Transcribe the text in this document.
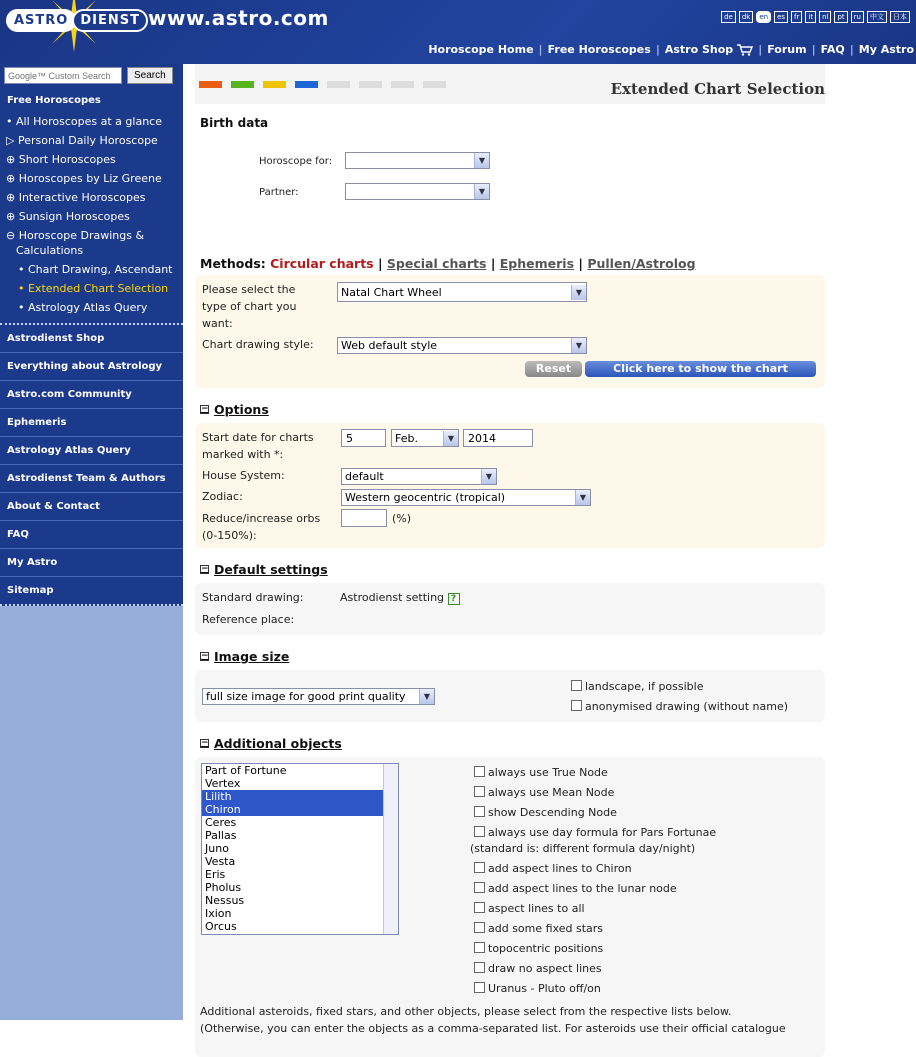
ASTRO DIENST www.astro.com	de	dk	en	es	fr	it	nl	pt	ru	中文	日本
Horoscope Home | Free Horoscopes | Astro Shop | Forum | FAQ | My Astro
Google™ Custom Search
Search
Free Horoscopes
• All Horoscopes at a glance
▷ Personal Daily Horoscope
⊕ Short Horoscopes
⊕ Horoscopes by Liz Greene
⊕ Interactive Horoscopes
⊕ Sunsign Horoscopes
⊖ Horoscope Drawings & Calculations
• Chart Drawing, Ascendant
• Extended Chart Selection
• Astrology Atlas Query
Astrodienst Shop
Everything about Astrology
Astro.com Community
Ephemeris
Astrology Atlas Query
Astrodienst Team & Authors
About & Contact
FAQ
My Astro
Sitemap
Extended Chart Selection
Birth data
Horoscope for:	▼
Partner:	▼
Methods: Circular charts | Special charts | Ephemeris | Pullen/Astrolog
Please select the type of chart you want:
Natal Chart Wheel	▼
Chart drawing style: Web default style	▼
Reset	Click here to show the chart
− Options
Start date for charts marked with *:
5	Feb.	▼	2014
House System:	default	▼
Zodiac:	Western geocentric (tropical)	▼
Reduce/increase orbs (0-150%):
(%)
− Default settings
Standard drawing:	Astrodienst setting ?
Reference place:
− Image size
full size image for good print quality	▼
landscape, if possible
anonymised drawing (without name)
− Additional objects
Part of Fortune
Vertex
Lilith
Chiron
Ceres
Pallas
Juno
Vesta
Eris
Pholus
Nessus
Ixion
Orcus
always use True Node
always use Mean Node
show Descending Node
always use day formula for Pars Fortunae
(standard is: different formula day/night)
add aspect lines to Chiron
add aspect lines to the lunar node
aspect lines to all
add some fixed stars
topocentric positions
draw no aspect lines
Uranus - Pluto off/on
Additional asteroids, fixed stars, and other objects, please select from the respective lists below.
(Otherwise, you can enter the objects as a comma-separated list. For asteroids use their official catalogue
